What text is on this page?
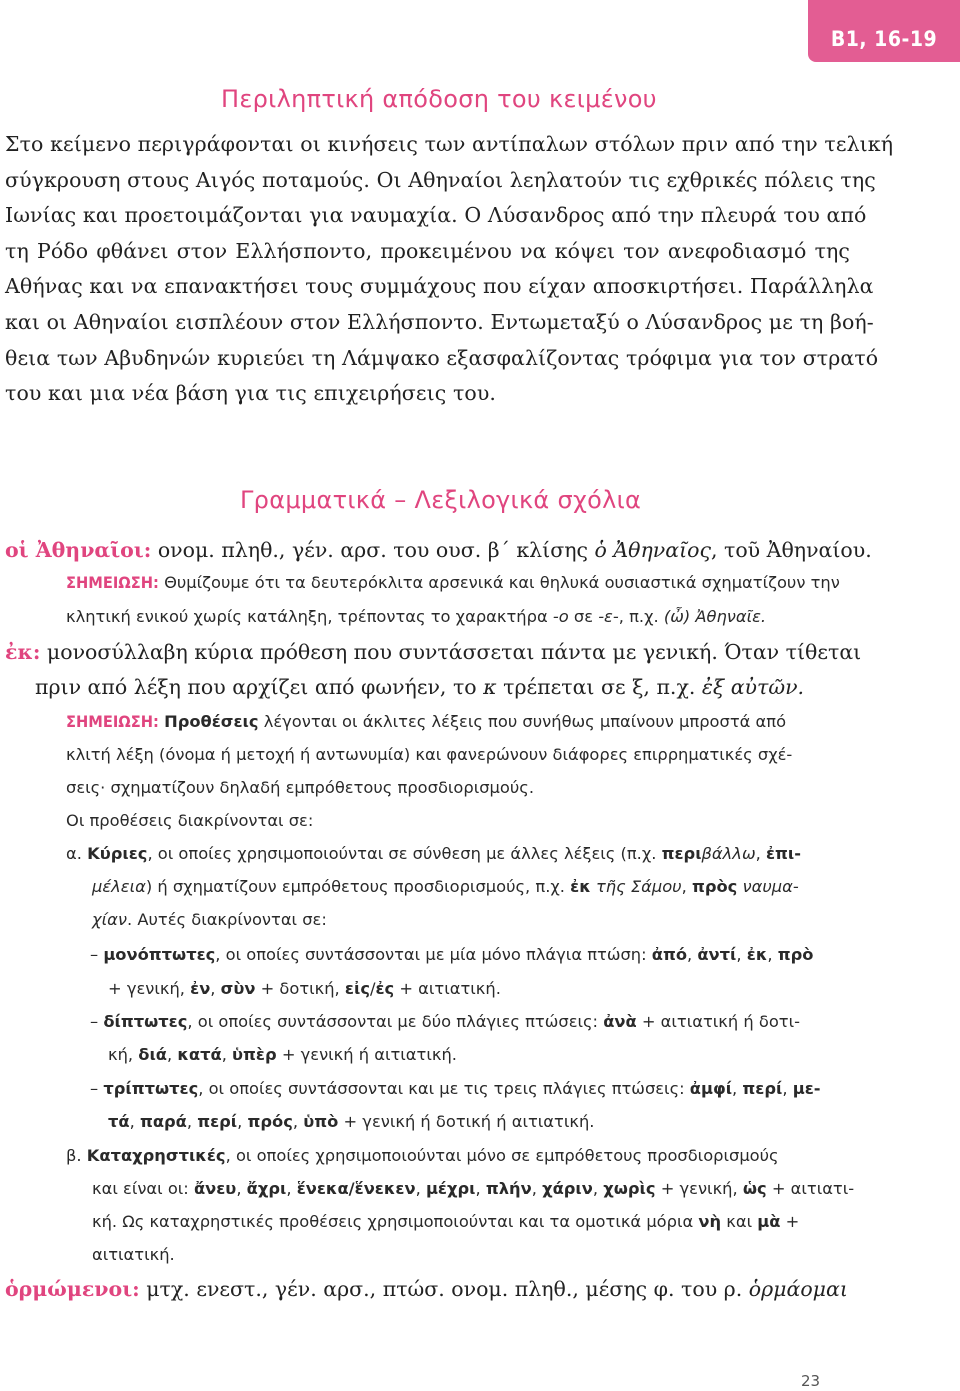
B1, 16-19
Περιληπτική απόδοση του κειμένου
Στο κείμενο περιγράφονται οι κινήσεις των αντίπαλων στόλων πριν από την τελική
σύγκρουση στους Αιγός ποταμούς. Οι Αθηναίοι λεηλατούν τις εχθρικές πόλεις της
Ιωνίας και προετοιμάζονται για ναυμαχία. Ο Λύσανδρος από την πλευρά του από
τη Ρόδο φθάνει στον Ελλήσποντο, προκειμένου να κόψει τον ανεφοδιασμό της
Αθήνας και να επανακτήσει τους συμμάχους που είχαν αποσκιρτήσει. Παράλληλα
και οι Αθηναίοι εισπλέουν στον Ελλήσποντο. Εντωμεταξύ ο Λύσανδρος με τη βοή-
θεια των Αβυδηνών κυριεύει τη Λάμψακο εξασφαλίζοντας τρόφιμα για τον στρατό
του και μια νέα βάση για τις επιχειρήσεις του.
Γραμματικά – Λεξιλογικά σχόλια
οἱ Ἀθηναῖοι: ονομ. πληθ., γέν. αρσ. του ουσ. β΄ κλίσης ὁ Ἀθηναῖος, τοῦ Ἀθηναίου.
ΣΗΜΕΙΩΣΗ: Θυμίζουμε ότι τα δευτερόκλιτα αρσενικά και θηλυκά ουσιαστικά σχηματίζουν την
κλητική ενικού χωρίς κατάληξη, τρέποντας το χαρακτήρα -ο σε -ε-, π.χ. (ὦ) Ἀθηναῖε.
ἐκ: μονοσύλλαβη κύρια πρόθεση που συντάσσεται πάντα με γενική. Όταν τίθεται
πριν από λέξη που αρχίζει από φωνήεν, το κ τρέπεται σε ξ, π.χ. ἐξ αὐτῶν.
ΣΗΜΕΙΩΣΗ: Προθέσεις λέγονται οι άκλιτες λέξεις που συνήθως μπαίνουν μπροστά από
κλιτή λέξη (όνομα ή μετοχή ή αντωνυμία) και φανερώνουν διάφορες επιρρηματικές σχέ-
σεις· σχηματίζουν δηλαδή εμπρόθετους προσδιορισμούς.
Οι προθέσεις διακρίνονται σε:
α. Κύριες, οι οποίες χρησιμοποιούνται σε σύνθεση με άλλες λέξεις (π.χ. περιβάλλω, ἐπι-
μέλεια) ή σχηματίζουν εμπρόθετους προσδιορισμούς, π.χ. ἐκ τῆς Σάμου, πρὸς ναυμα-
χίαν. Αυτές διακρίνονται σε:
– μονόπτωτες, οι οποίες συντάσσονται με μία μόνο πλάγια πτώση: ἀπό, ἀντί, ἐκ, πρὸ
+ γενική, ἐν, σὺν + δοτική, εἰς/ἐς + αιτιατική.
– δίπτωτες, οι οποίες συντάσσονται με δύο πλάγιες πτώσεις: ἀνὰ + αιτιατική ή δοτι-
κή, διά, κατά, ὑπὲρ + γενική ή αιτιατική.
– τρίπτωτες, οι οποίες συντάσσονται και με τις τρεις πλάγιες πτώσεις: ἀμφί, περί, με-
τά, παρά, περί, πρός, ὑπὸ + γενική ή δοτική ή αιτιατική.
β. Καταχρηστικές, οι οποίες χρησιμοποιούνται μόνο σε εμπρόθετους προσδιορισμούς
και είναι οι: ἄνευ, ἄχρι, ἕνεκα/ἕνεκεν, μέχρι, πλήν, χάριν, χωρὶς + γενική, ὡς + αιτιατι-
κή. Ως καταχρηστικές προθέσεις χρησιμοποιούνται και τα ομοτικά μόρια νὴ και μὰ +
αιτιατική.
ὁρμώμενοι: μτχ. ενεστ., γέν. αρσ., πτώσ. ονομ. πληθ., μέσης φ. του ρ. ὁρμάομαι
23
